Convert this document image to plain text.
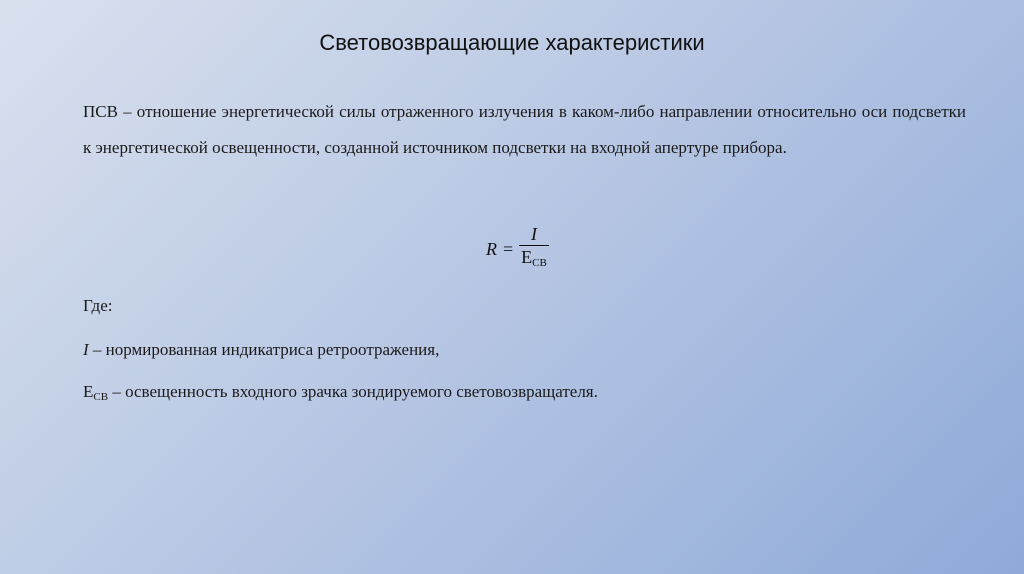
Световозвращающие характеристики
ПСВ – отношение энергетической силы отраженного излучения в каком-либо направлении относительно оси подсветки к энергетической освещенности, созданной источником подсветки на входной апертуре прибора.
$R = \frac{I}{E_{СВ}}$
Где:
I – нормированная индикатриса ретроотражения,
$E_{СВ}$ – освещенность входного зрачка зондируемого световозвращателя.
